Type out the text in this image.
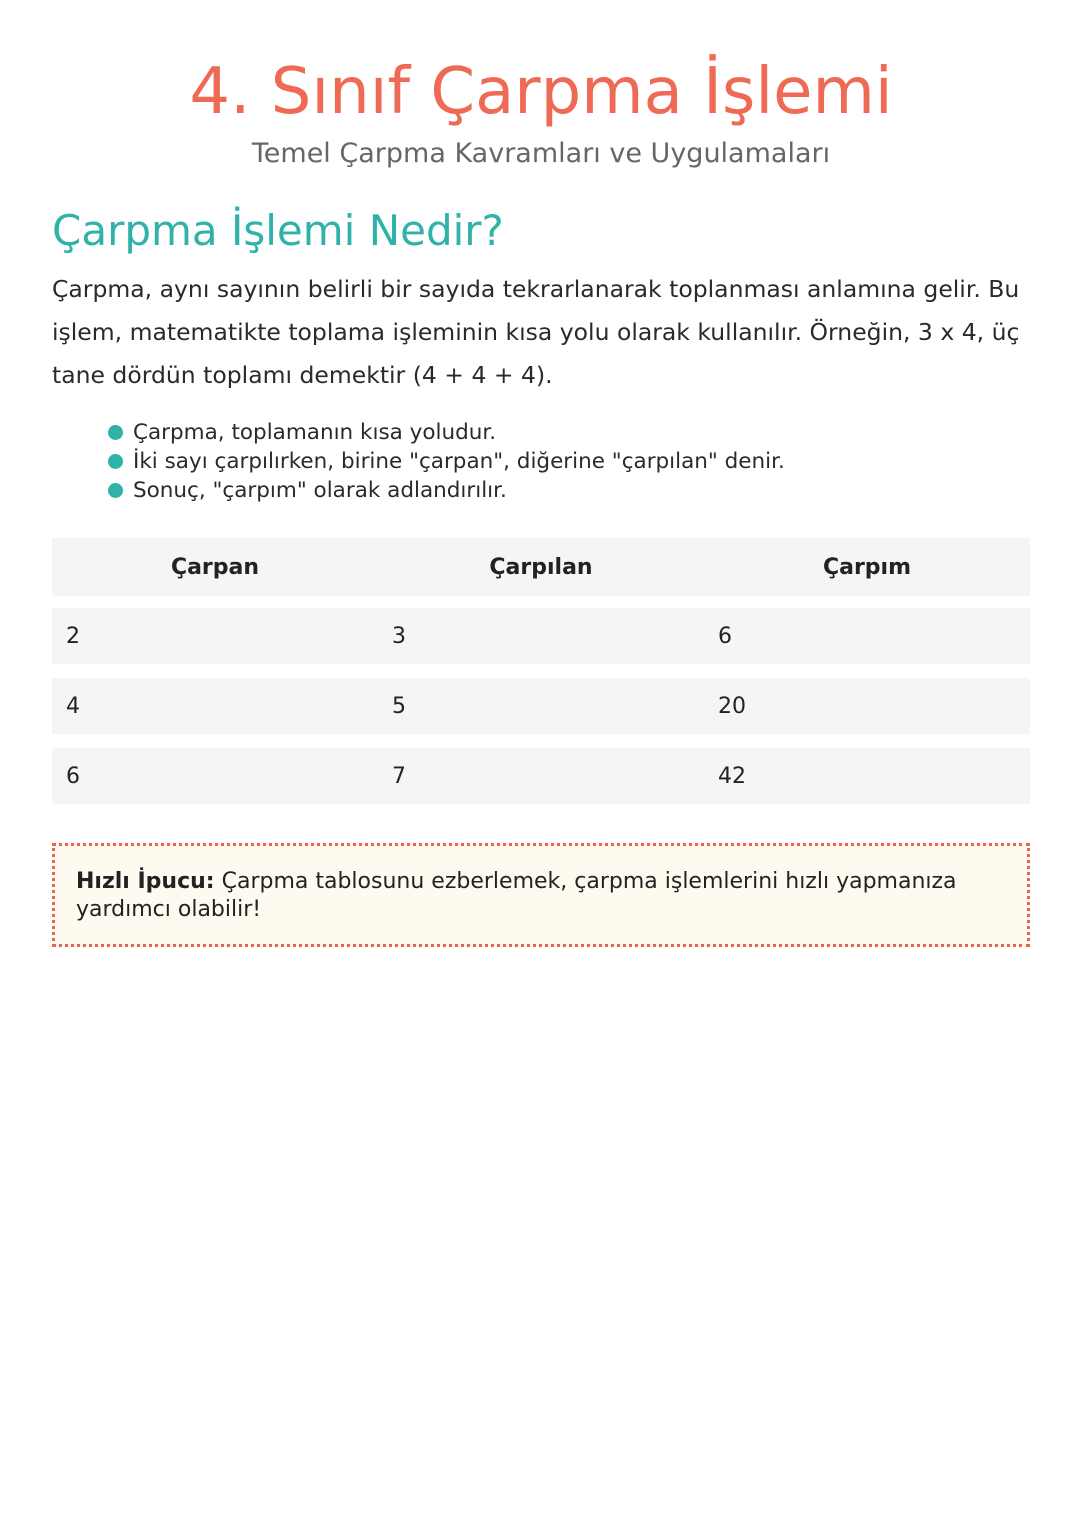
4. Sınıf Çarpma İşlemi
Temel Çarpma Kavramları ve Uygulamaları
Çarpma İşlemi Nedir?

Çarpma, aynı sayının belirli bir sayıda tekrarlanarak toplanması anlamına gelir. Bu işlem, matematikte toplama işleminin kısa yolu olarak kullanılır. Örneğin, 3 x 4, üç tane dördün toplamı demektir (4 + 4 + 4).

Çarpma, toplamanın kısa yoludur.
İki sayı çarpılırken, birine "çarpan", diğerine "çarpılan" denir.
Sonuç, "çarpım" olarak adlandırılır.
Çarpan	Çarpılan	Çarpım
2	3	6
4	5	20
6	7	42
Hızlı İpucu: Çarpma tablosunu ezberlemek, çarpma işlemlerini hızlı yapmanıza yardımcı olabilir!
